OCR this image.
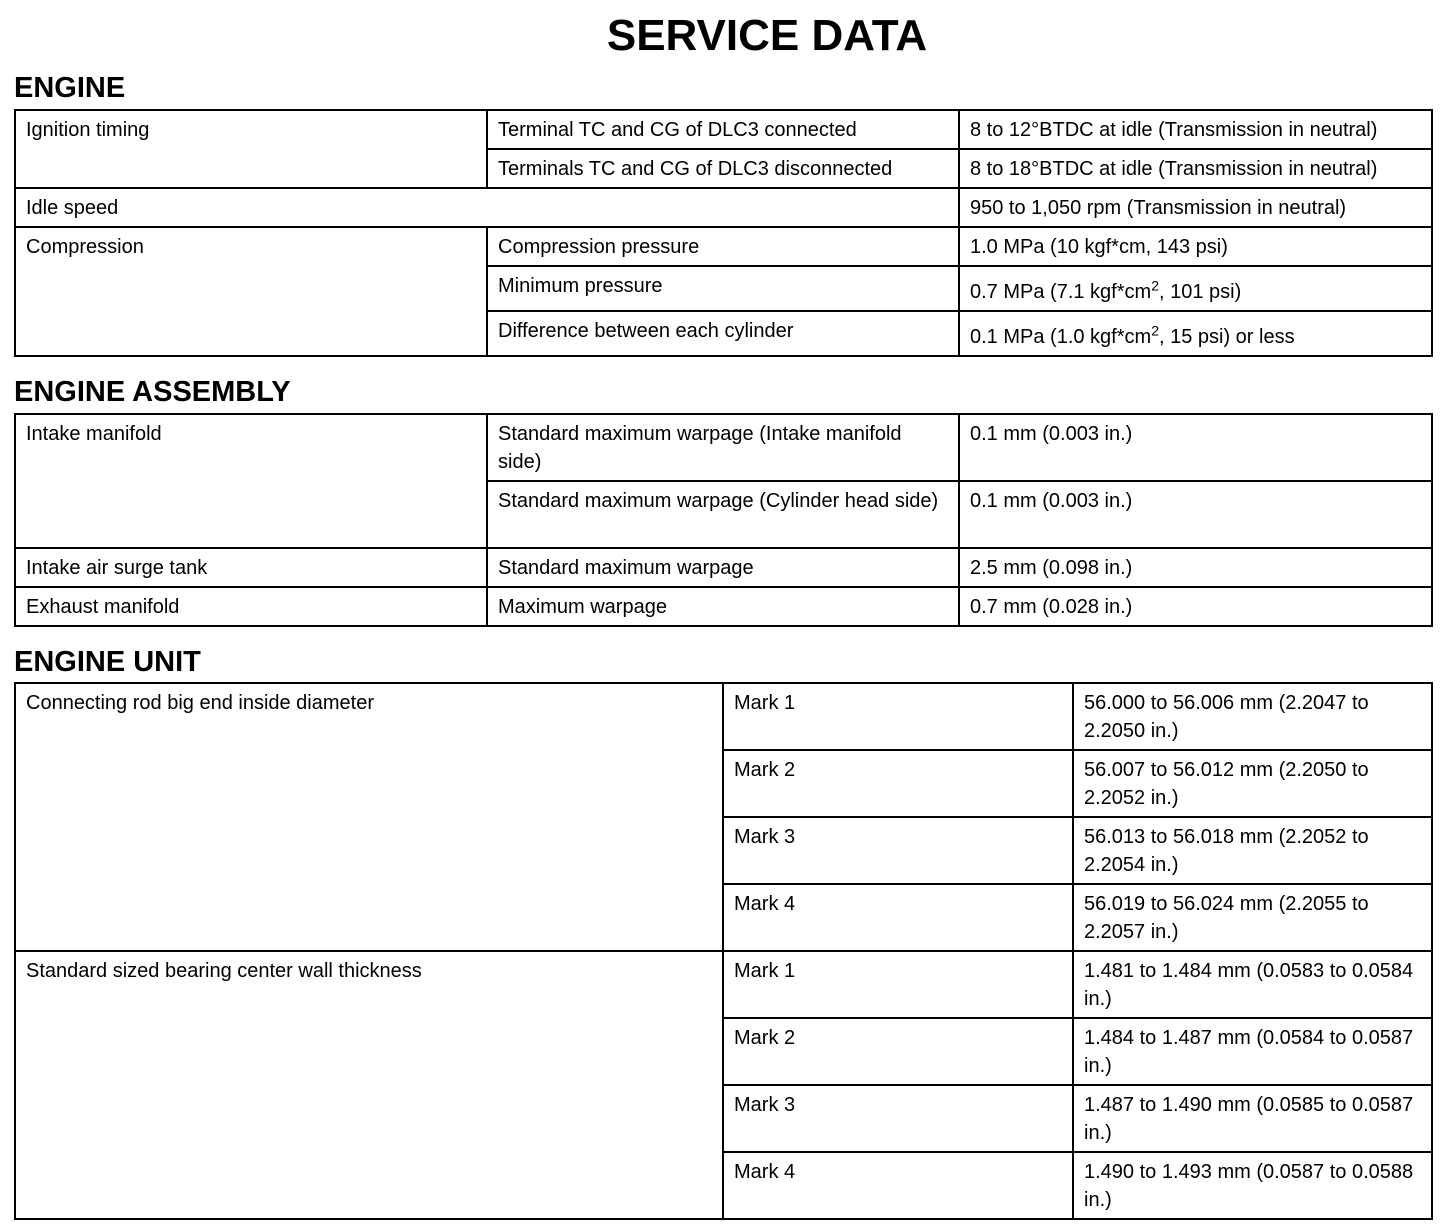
SERVICE DATA
ENGINE
Ignition timing	Terminal TC and CG of DLC3 connected	8 to 12°BTDC at idle (Transmission in neutral)
	Terminals TC and CG of DLC3 disconnected	8 to 18°BTDC at idle (Transmission in neutral)
Idle speed		950 to 1,050 rpm (Transmission in neutral)
Compression	Compression pressure	1.0 MPa (10 kgf*cm, 143 psi)
	Minimum pressure	0.7 MPa (7.1 $kgf*cm^2$, 101 psi)
	Difference between each cylinder	0.1 MPa (1.0 $kgf*cm^2$, 15 psi) or less
ENGINE ASSEMBLY
Intake manifold	Standard maximum warpage (Intake manifold side)	0.1 mm (0.003 in.)
	Standard maximum warpage (Cylinder head side)	0.1 mm (0.003 in.)
Intake air surge tank	Standard maximum warpage	2.5 mm (0.098 in.)
Exhaust manifold	Maximum warpage	0.7 mm (0.028 in.)
ENGINE UNIT
Connecting rod big end inside diameter	Mark 1	56.000 to 56.006 mm (2.2047 to 2.2050 in.)
	Mark 2	56.007 to 56.012 mm (2.2050 to 2.2052 in.)
	Mark 3	56.013 to 56.018 mm (2.2052 to 2.2054 in.)
	Mark 4	56.019 to 56.024 mm (2.2055 to 2.2057 in.)
Standard sized bearing center wall thickness	Mark 1	1.481 to 1.484 mm (0.0583 to 0.0584 in.)
	Mark 2	1.484 to 1.487 mm (0.0584 to 0.0587 in.)
	Mark 3	1.487 to 1.490 mm (0.0585 to 0.0587 in.)
	Mark 4	1.490 to 1.493 mm (0.0587 to 0.0588 in.)
